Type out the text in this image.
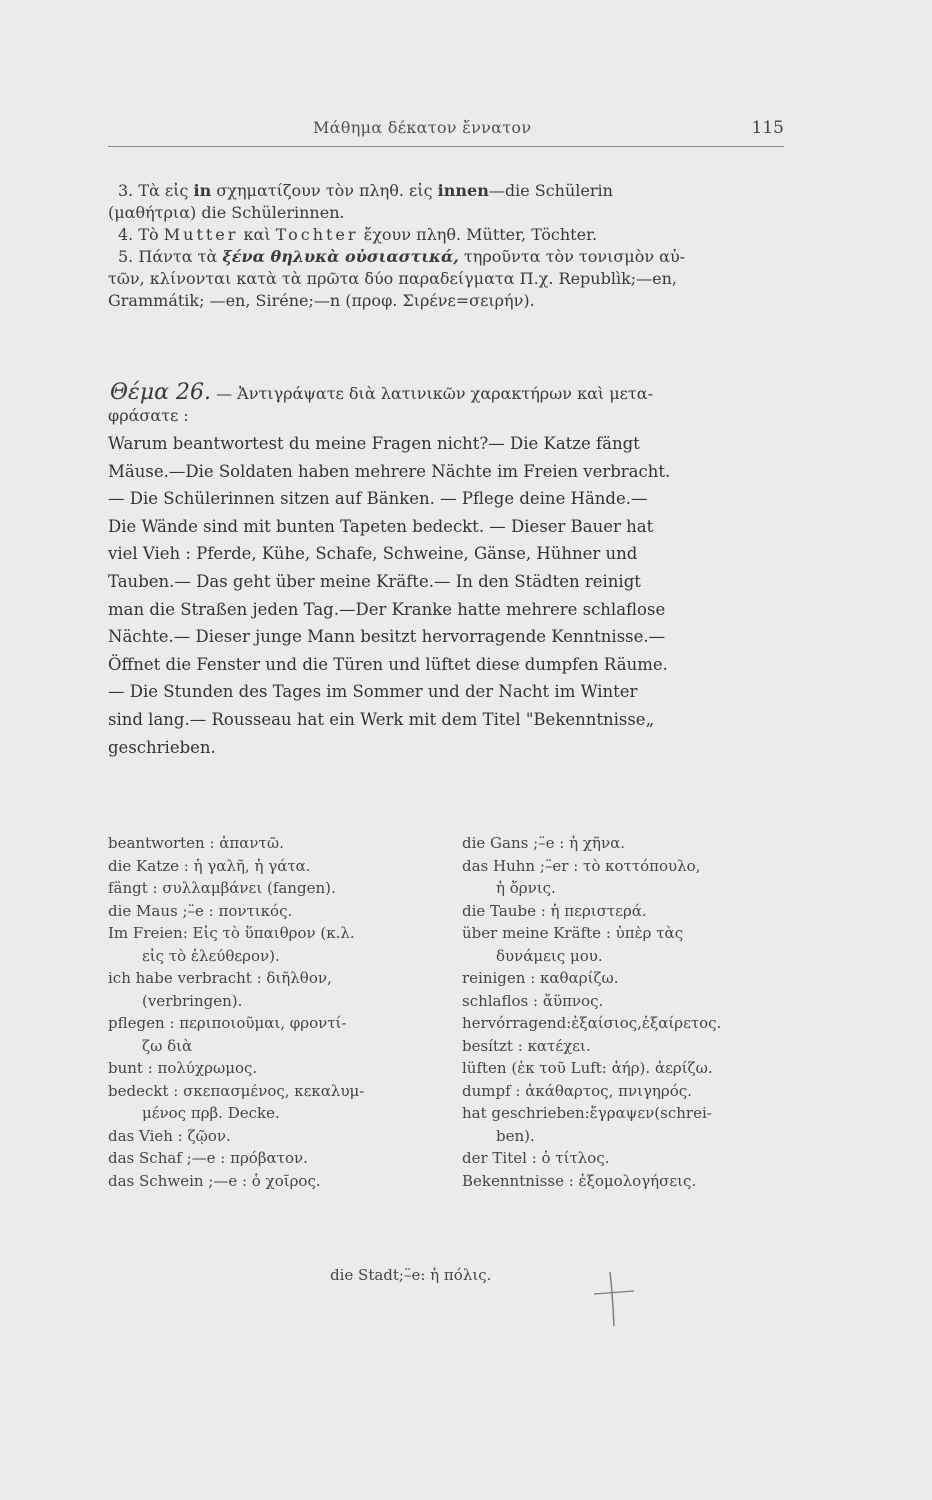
Μάθημα δέκατον ἔννατον	115

3. Τὰ εἰς in σχηματίζουν τὸν πληθ. εἰς innen—die Schülerin

(μαθήτρια) die Schülerinnen.

4. Τὸ Mutter καὶ Tochter ἔχουν πληθ. Mütter, Töchter.

5. Πάντα τὰ ξένα θηλυκὰ οὐσιαστικά, τηροῦντα τὸν τονισμὸν αὐ-

τῶν, κλίνονται κατὰ τὰ πρῶτα δύο παραδείγματα Π.χ. Republìk;—en,

Grammátik; —en, Siréne;—n (προφ. Σιρένε=σειρήν).

Θέμα 26. — Ἀντιγράψατε διὰ λατινικῶν χαρακτήρων καὶ μετα-
φράσατε :
Warum beantwortest du meine Fragen nicht?— Die Katze fängt
Mäuse.—Die Soldaten haben mehrere Nächte im Freien verbracht.
— Die Schülerinnen sitzen auf Bänken. — Pflege deine Hände.—
Die Wände sind mit bunten Tapeten bedeckt. — Dieser Bauer hat
viel Vieh : Pferde, Kühe, Schafe, Schweine, Gänse, Hühner und
Tauben.— Das geht über meine Kräfte.— In den Städten reinigt
man die Straßen jeden Tag.—Der Kranke hatte mehrere schlaflose
Nächte.— Dieser junge Mann besitzt hervorragende Kenntnisse.—
Öffnet die Fenster und die Türen und lüftet diese dumpfen Räume.
— Die Stunden des Tages im Sommer und der Nacht im Winter
sind lang.— Rousseau hat ein Werk mit dem Titel "Bekenntnisse„
geschrieben.
beantworten : ἀπαντῶ.
die Katze : ἡ γαλῆ, ἡ γάτα.
fängt : συλλαμβάνει (fangen).
die Maus ;–̈e : ποντικός.
Im Freien: Εἰς τὸ ὕπαιθρον (κ.λ.
εἰς τὸ ἐλεύθερον).
ich habe verbracht : διῆλθον,
(verbringen).
pflegen : περιποιοῦμαι, φροντί-
ζω διὰ
bunt : πολύχρωμος.
bedeckt : σκεπασμένος, κεκαλυμ-
μένος πρβ. Decke.
das Vieh : ζῷον.
das Schaf ;—e : πρόβατον.
das Schwein ;—e : ὁ χοῖρος.
die Gans ;–̈e : ἡ χῆνα.
das Huhn ;–̈er : τὸ κοττόπουλο,
ἡ ὄρνις.
die Taube : ἡ περιστερά.
über meine Kräfte : ὑπὲρ τὰς
δυνάμεις μου.
reinigen : καθαρίζω.
schlaflos : ἄϋπνος.
hervórragend:ἐξαίσιος,ἐξαίρετος.
besítzt : κατέχει.
lüften (ἐκ τοῦ Luft: ἀήρ). ἀερίζω.
dumpf : ἀκάθαρτος, πνιγηρός.
hat geschrieben:ἔγραψεν(schrei-
ben).
der Titel : ὁ τίτλος.
Bekenntnisse : ἐξομολογήσεις.
die Stadt;–̈e: ἡ πόλις.
